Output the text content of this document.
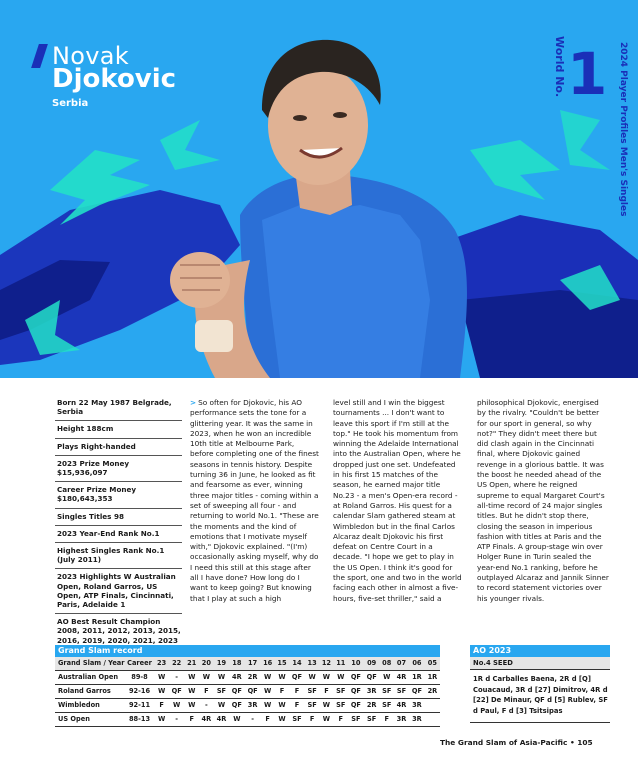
Novak
Djokovic
Serbia
World No. 1 2024 Player Profiles Men's Singles
Born 22 May 1987 Belgrade, Serbia
Height 188cm
Plays Right-handed
2023 Prize Money $15,936,097
Career Prize Money $180,643,353
Singles Titles 98
2023 Year-End Rank No.1
Highest Singles Rank No.1 (July 2011)
2023 Highlights W Australian Open, Roland Garros, US Open, ATP Finals, Cincinnati, Paris, Adelaide 1
AO Best Result Champion 2008, 2011, 2012, 2013, 2015, 2016, 2019, 2020, 2021, 2023

> So often for Djokovic, his AO performance sets the tone for a glittering year. It was the same in 2023, when he won an incredible 10th title at Melbourne Park, before completing one of the finest seasons in tennis history. Despite turning 36 in June, he looked as fit and fearsome as ever, winning three major titles - coming within a set of sweeping all four - and returning to world No.1. "These are the moments and the kind of emotions that I motivate myself with," Djokovic explained. "(I'm) occasionally asking myself, why do I need this still at this stage after all I have done? How long do I want to keep going? But knowing that I play at such a high

level still and I win the biggest tournaments ... I don't want to leave this sport if I'm still at the top." He took his momentum from winning the Adelaide International into the Australian Open, where he dropped just one set. Undefeated in his first 15 matches of the season, he earned major title No.23 - a men's Open-era record - at Roland Garros. His quest for a calendar Slam gathered steam at Wimbledon but in the final Carlos Alcaraz dealt Djokovic his first defeat on Centre Court in a decade. "I hope we get to play in the US Open. I think it's good for the sport, one and two in the world facing each other in almost a five-hours, five-set thriller," said a

philosophical Djokovic, energised by the rivalry. "Couldn't be better for our sport in general, so why not?" They didn't meet there but did clash again in the Cincinnati final, where Djokovic gained revenge in a glorious battle. It was the boost he needed ahead of the US Open, where he reigned supreme to equal Margaret Court's all-time record of 24 major singles titles. But he didn't stop there, closing the season in imperious fashion with titles at Paris and the ATP Finals. A group-stage win over Holger Rune in Turin sealed the year-end No.1 ranking, before he outplayed Alcaraz and Jannik Sinner to record statement victories over his younger rivals.

Grand Slam record
Grand Slam / Year	Career	23	22	21	20	19	18	17	16	15	14	13	12	11	10	09	08	07	06	05
Australian Open	89-8	W	-	W	W	W	4R	2R	W	W	QF	W	W	W	QF	QF	W	4R	1R	1R
Roland Garros	92-16	W	QF	W	F	SF	QF	QF	W	F	F	SF	F	SF	QF	3R	SF	SF	QF	2R
Wimbledon	92-11	F	W	W	-	W	QF	3R	W	W	F	SF	W	SF	QF	2R	SF	4R	3R	
US Open	88-13	W	-	F	4R	4R	W	-	F	W	SF	F	W	F	SF	SF	F	3R	3R	
AO 2023
No.4 SEED
1R d Carballes Baena, 2R d [Q] Couacaud, 3R d [27] Dimitrov, 4R d [22] De Minaur, QF d [5] Rublev, SF d Paul, F d [3] Tsitsipas
The Grand Slam of Asia-Pacific • 105
